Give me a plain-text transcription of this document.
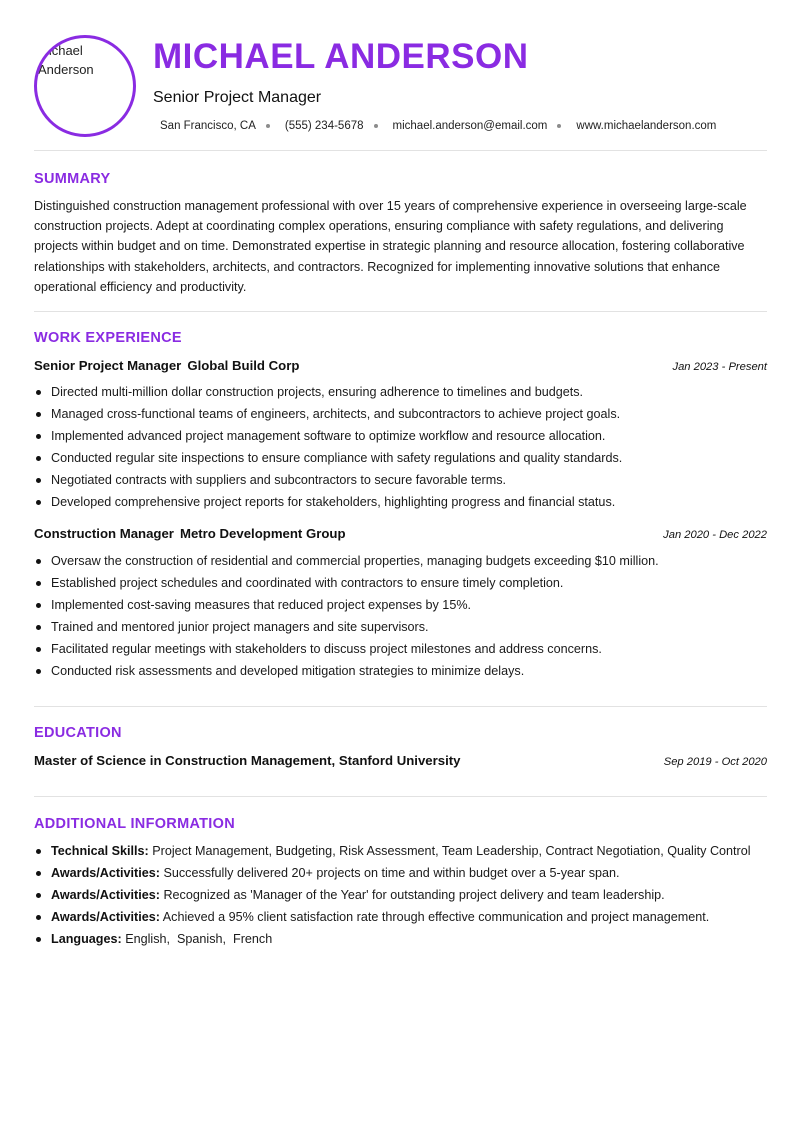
Michael Anderson	MICHAEL ANDERSON
Senior Project Manager
San Francisco, CA	(555) 234-5678	michael.anderson@email.com	www.michaelanderson.com
SUMMARY

Distinguished construction management professional with over 15 years of comprehensive experience in overseeing large-scale construction projects. Adept at coordinating complex operations, ensuring compliance with safety regulations, and delivering projects within budget and on time. Demonstrated expertise in strategic planning and resource allocation, fostering collaborative relationships with stakeholders, architects, and contractors. Recognized for implementing innovative solutions that enhance operational efficiency and productivity.

WORK EXPERIENCE
Senior Project Manager Global Build Corp	Jan 2023 - Present
Directed multi-million dollar construction projects, ensuring adherence to timelines and budgets.
Managed cross-functional teams of engineers, architects, and subcontractors to achieve project goals.
Implemented advanced project management software to optimize workflow and resource allocation.
Conducted regular site inspections to ensure compliance with safety regulations and quality standards.
Negotiated contracts with suppliers and subcontractors to secure favorable terms.
Developed comprehensive project reports for stakeholders, highlighting progress and financial status.
Construction Manager Metro Development Group	Jan 2020 - Dec 2022
Oversaw the construction of residential and commercial properties, managing budgets exceeding $10 million.
Established project schedules and coordinated with contractors to ensure timely completion.
Implemented cost-saving measures that reduced project expenses by 15%.
Trained and mentored junior project managers and site supervisors.
Facilitated regular meetings with stakeholders to discuss project milestones and address concerns.
Conducted risk assessments and developed mitigation strategies to minimize delays.
EDUCATION
Master of Science in Construction Management, Stanford University	Sep 2019 - Oct 2020
ADDITIONAL INFORMATION
Technical Skills: Project Management, Budgeting, Risk Assessment, Team Leadership, Contract Negotiation, Quality Control
Awards/Activities: Successfully delivered 20+ projects on time and within budget over a 5-year span.
Awards/Activities: Recognized as 'Manager of the Year' for outstanding project delivery and team leadership.
Awards/Activities: Achieved a 95% client satisfaction rate through effective communication and project management.
Languages: English,  Spanish,  French
